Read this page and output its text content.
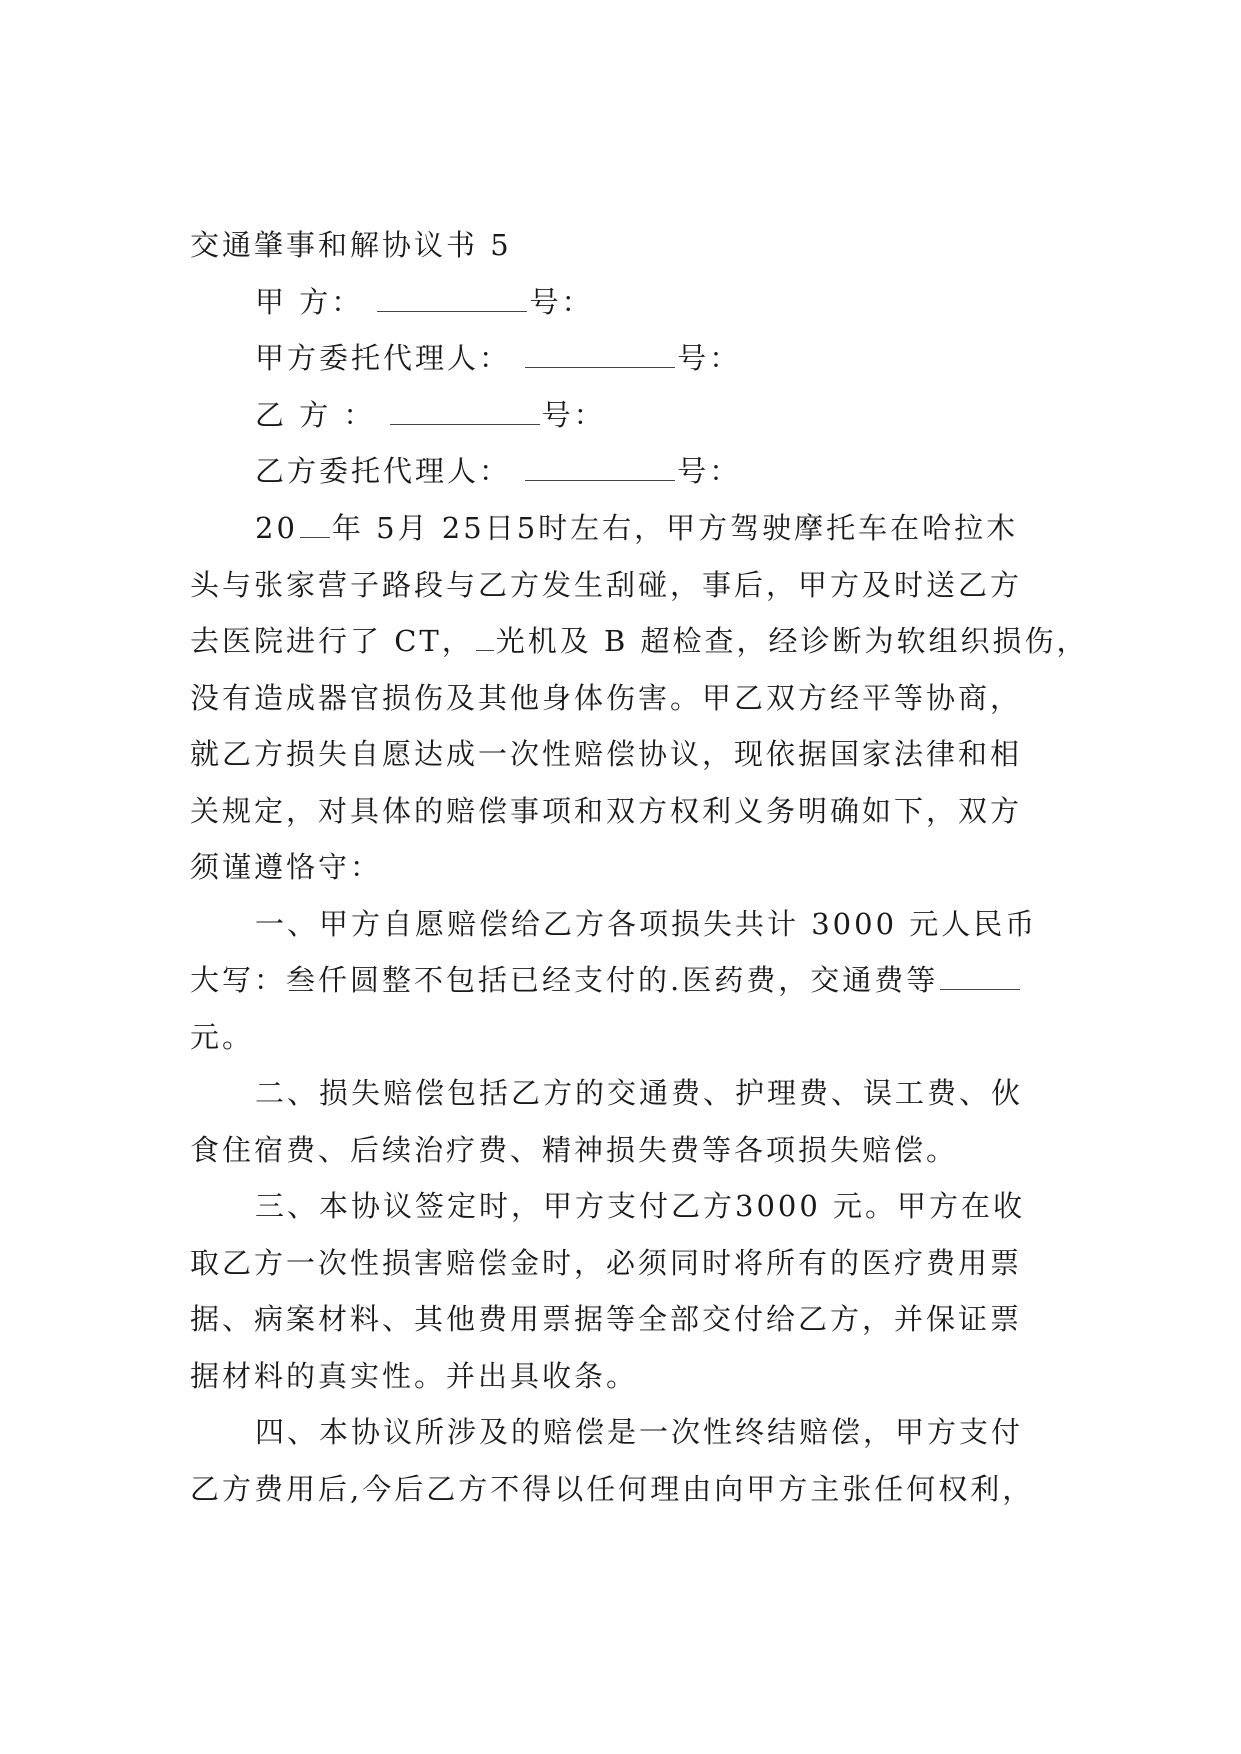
交通肇事和解协议书 5
甲 方：	号：
甲方委托代理人：	号：
乙 方 ：	号：
乙方委托代理人：	号：
20 年 5月 25日5时左右，甲方驾驶摩托车在哈拉木
头与张家营子路段与乙方发生刮碰，事后，甲方及时送乙方
去医院进行了 CT， 光机及 B 超检查，经诊断为软组织损伤，
没有造成器官损伤及其他身体伤害。甲乙双方经平等协商，
就乙方损失自愿达成一次性赔偿协议，现依据国家法律和相
关规定，对具体的赔偿事项和双方权利义务明确如下，双方
须谨遵恪守：
一、甲方自愿赔偿给乙方各项损失共计 3000 元人民币
大写：叁仟圆整不包括已经支付的.医药费，交通费等
元。
二、损失赔偿包括乙方的交通费、护理费、误工费、伙
食住宿费、后续治疗费、精神损失费等各项损失赔偿。
三、本协议签定时，甲方支付乙方3000 元。甲方在收
取乙方一次性损害赔偿金时，必须同时将所有的医疗费用票
据、病案材料、其他费用票据等全部交付给乙方，并保证票
据材料的真实性。并出具收条。
四、本协议所涉及的赔偿是一次性终结赔偿，甲方支付
乙方费用后,今后乙方不得以任何理由向甲方主张任何权利，
